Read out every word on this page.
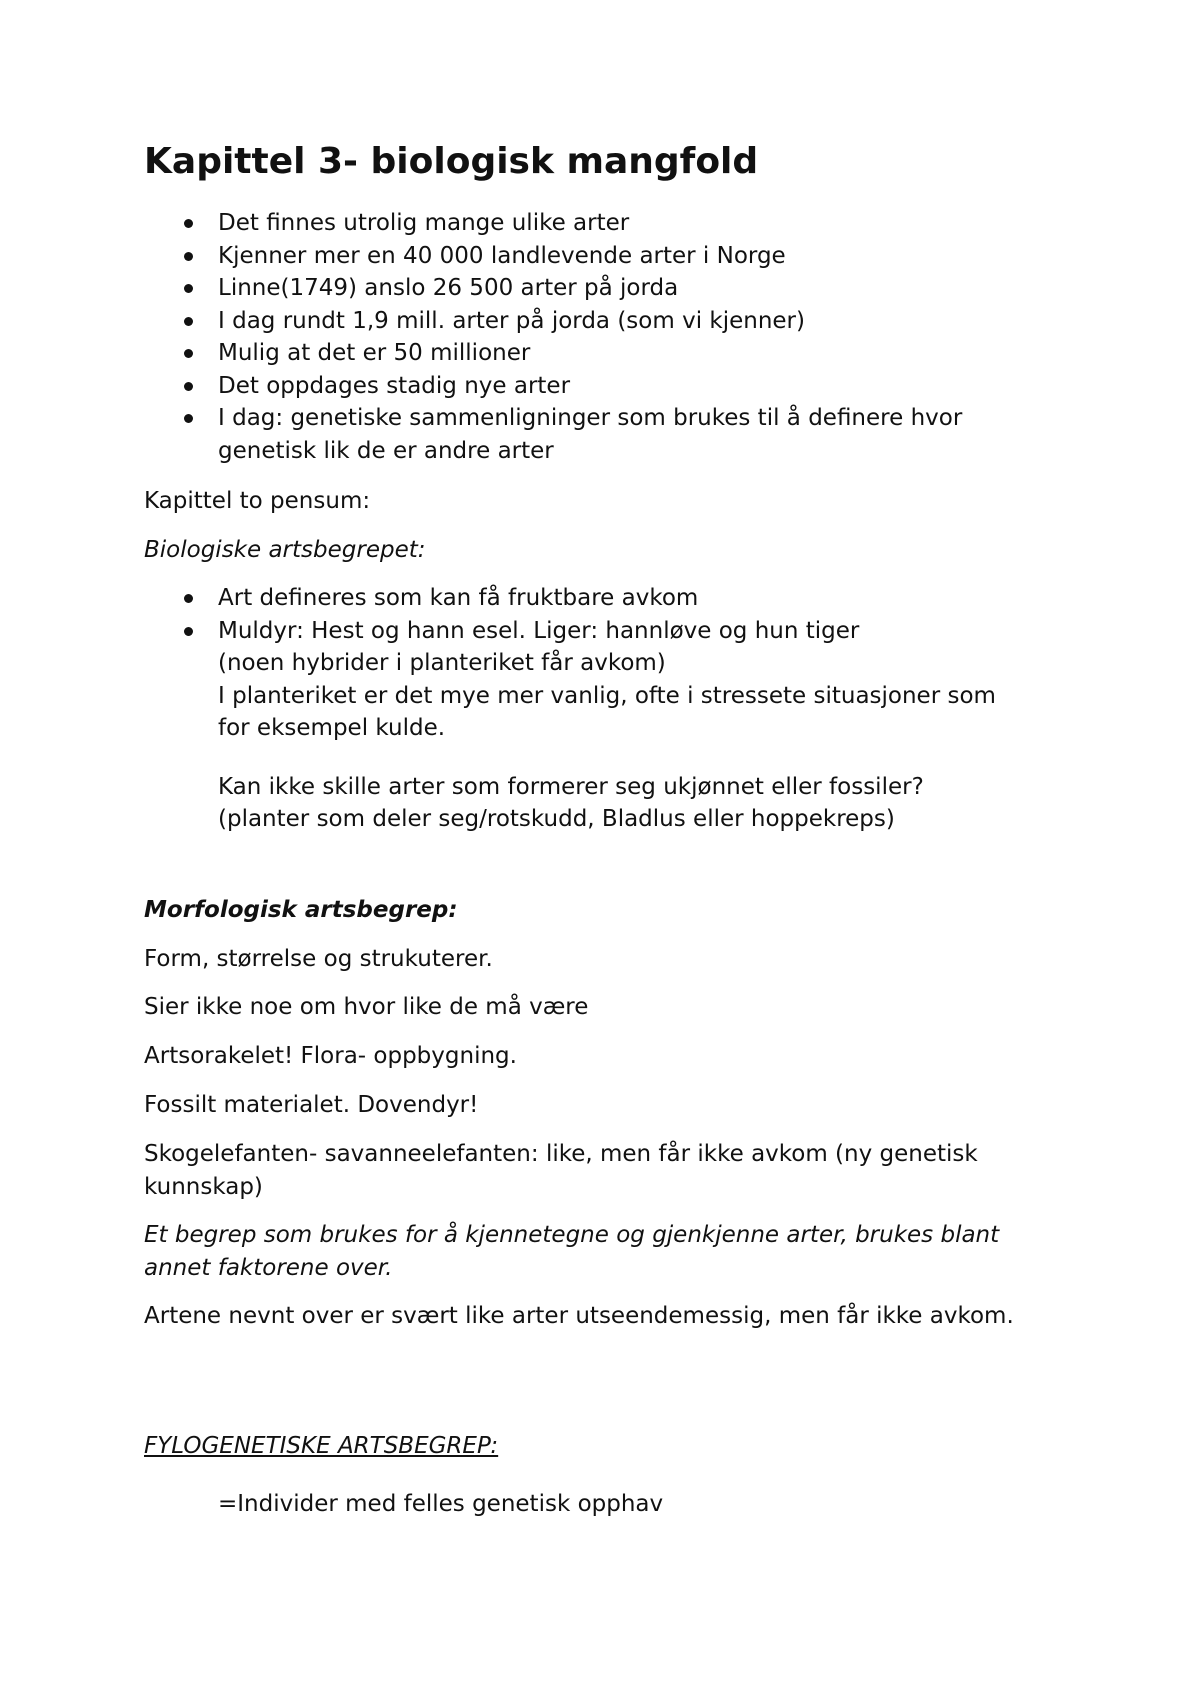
Kapittel 3- biologisk mangfold
Det finnes utrolig mange ulike arter
Kjenner mer en 40 000 landlevende arter i Norge
Linne(1749) anslo 26 500 arter på jorda
I dag rundt 1,9 mill. arter på jorda (som vi kjenner)
Mulig at det er 50 millioner
Det oppdages stadig nye arter
I dag: genetiske sammenligninger som brukes til å definere hvor genetisk lik de er andre arter
Kapittel to pensum:
Biologiske artsbegrepet:
Art defineres som kan få fruktbare avkom
Muldyr: Hest og hann esel. Liger: hannløve og hun tiger
(noen hybrider i planteriket får avkom)
I planteriket er det mye mer vanlig, ofte i stressete situasjoner som for eksempel kulde.
Kan ikke skille arter som formerer seg ukjønnet eller fossiler?
(planter som deler seg/rotskudd, Bladlus eller hoppekreps)
Morfologisk artsbegrep:
Form, størrelse og strukuterer.
Sier ikke noe om hvor like de må være
Artsorakelet! Flora- oppbygning.
Fossilt materialet. Dovendyr!
Skogelefanten- savanneelefanten: like, men får ikke avkom (ny genetisk kunnskap)
Et begrep som brukes for å kjennetegne og gjenkjenne arter, brukes blant annet faktorene over.
Artene nevnt over er svært like arter utseendemessig, men får ikke avkom.
FYLOGENETISKE ARTSBEGREP:
=Individer med felles genetisk opphav
